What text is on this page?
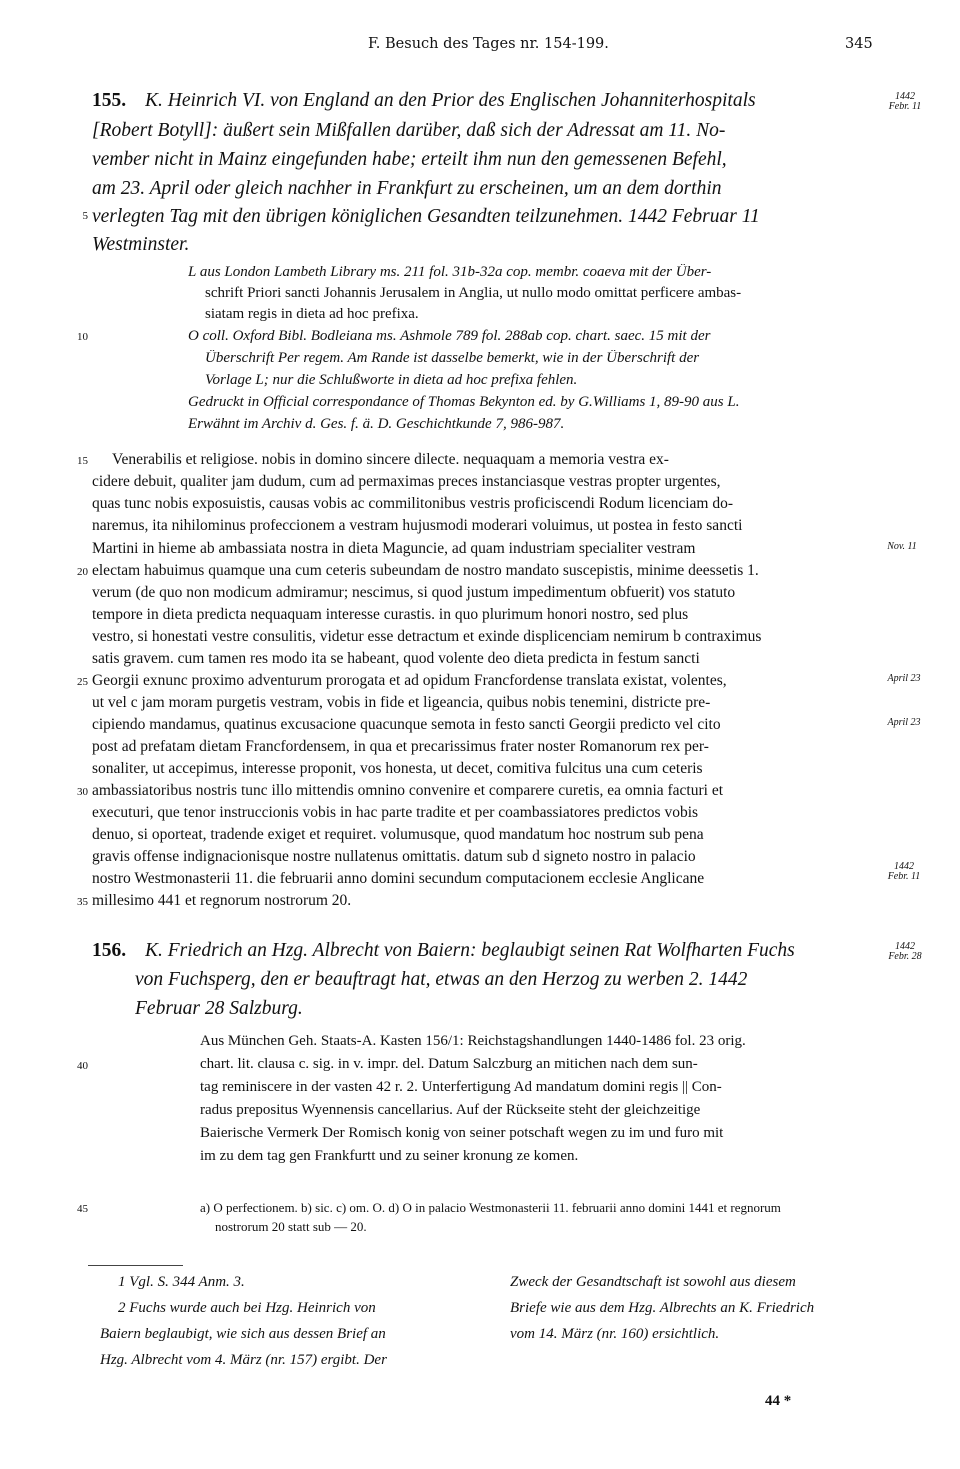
F. Besuch des Tages nr. 154-199.	345
155. K. Heinrich VI. von England an den Prior des Englischen Johanniterhospitals
[Robert Botyll]: äußert sein Mißfallen darüber, daß sich der Adressat am 11. No-
vember nicht in Mainz eingefunden habe; erteilt ihm nun den gemessenen Befehl,
am 23. April oder gleich nachher in Frankfurt zu erscheinen, um an dem dorthin
verlegten Tag mit den übrigen königlichen Gesandten teilzunehmen. 1442 Februar 11
Westminster.
1442
Febr. 11
L aus London Lambeth Library ms. 211 fol. 31b-32a cop. membr. coaeva mit der Über-
schrift Priori sancti Johannis Jerusalem in Anglia, ut nullo modo omittat perficere ambas-
siatam regis in dieta ad hoc prefixa.
O coll. Oxford Bibl. Bodleiana ms. Ashmole 789 fol. 288ab cop. chart. saec. 15 mit der
Überschrift Per regem. Am Rande ist dasselbe bemerkt, wie in der Überschrift der
Vorlage L; nur die Schlußworte in dieta ad hoc prefixa fehlen.
Gedruckt in Official correspondance of Thomas Bekynton ed. by G.Williams 1, 89-90 aus L.
Erwähnt im Archiv d. Ges. f. ä. D. Geschichtkunde 7, 986-987.
Venerabilis et religiose. nobis in domino sincere dilecte. nequaquam a memoria vestra ex-
cidere debuit, qualiter jam dudum, cum ad permaximas preces instanciasque vestras propter urgentes,
quas tunc nobis exposuistis, causas vobis ac commilitonibus vestris proficiscendi Rodum licenciam do-
naremus, ita nihilominus profeccionem a vestram hujusmodi moderari voluimus, ut postea in festo sancti
Martini in hieme ab ambassiata nostra in dieta Maguncie, ad quam industriam specialiter vestram
electam habuimus quamque una cum ceteris subeundam de nostro mandato suscepistis, minime deessetis 1.
verum (de quo non modicum admiramur; nescimus, si quod justum impedimentum obfuerit) vos statuto
tempore in dieta predicta nequaquam interesse curastis. in quo plurimum honori nostro, sed plus
vestro, si honestati vestre consulitis, videtur esse detractum et exinde displicenciam nemirum b contraximus
satis gravem. cum tamen res modo ita se habeant, quod volente deo dieta predicta in festum sancti
Georgii exnunc proximo adventurum prorogata et ad opidum Francfordense translata existat, volentes,
ut vel c jam moram purgetis vestram, vobis in fide et ligeancia, quibus nobis tenemini, districte pre-
cipiendo mandamus, quatinus excusacione quacunque semota in festo sancti Georgii predicto vel cito
post ad prefatam dietam Francfordensem, in qua et precarissimus frater noster Romanorum rex per-
sonaliter, ut accepimus, interesse proponit, vos honesta, ut decet, comitiva fulcitus una cum ceteris
ambassiatoribus nostris tunc illo mittendis omnino convenire et comparere curetis, ea omnia facturi et
executuri, que tenor instruccionis vobis in hac parte tradite et per coambassiatores predictos vobis
denuo, si oporteat, tradende exiget et requiret. volumusque, quod mandatum hoc nostrum sub pena
gravis offense indignacionisque nostre nullatenus omittatis. datum sub d signeto nostro in palacio
nostro Westmonasterii 11. die februarii anno domini secundum computacionem ecclesie Anglicane
millesimo 441 et regnorum nostrorum 20.
Nov. 11
April 23
April 23
1442
Febr. 11
156. K. Friedrich an Hzg. Albrecht von Baiern: beglaubigt seinen Rat Wolfharten Fuchs
von Fuchsperg, den er beauftragt hat, etwas an den Herzog zu werben 2. 1442
Februar 28 Salzburg.
1442
Febr. 28
Aus München Geh. Staats-A. Kasten 156/1: Reichstagshandlungen 1440-1486 fol. 23 orig.
chart. lit. clausa c. sig. in v. impr. del. Datum Salczburg an mitichen nach dem sun-
tag reminiscere in der vasten 42 r. 2. Unterfertigung Ad mandatum domini regis || Con-
radus prepositus Wyennensis cancellarius. Auf der Rückseite steht der gleichzeitige
Baierische Vermerk Der Romisch konig von seiner potschaft wegen zu im und furo mit
im zu dem tag gen Frankfurtt und zu seiner kronung ze komen.
a) O perfectionem. b) sic. c) om. O. d) O in palacio Westmonasterii 11. februarii anno domini 1441 et regnorum
nostrorum 20 statt sub — 20.
5
10
15
20
25
30
35
40
45
1 Vgl. S. 344 Anm. 3.
2 Fuchs wurde auch bei Hzg. Heinrich von
Baiern beglaubigt, wie sich aus dessen Brief an
Hzg. Albrecht vom 4. März (nr. 157) ergibt. Der
Zweck der Gesandtschaft ist sowohl aus diesem
Briefe wie aus dem Hzg. Albrechts an K. Friedrich
vom 14. März (nr. 160) ersichtlich.
44 *
